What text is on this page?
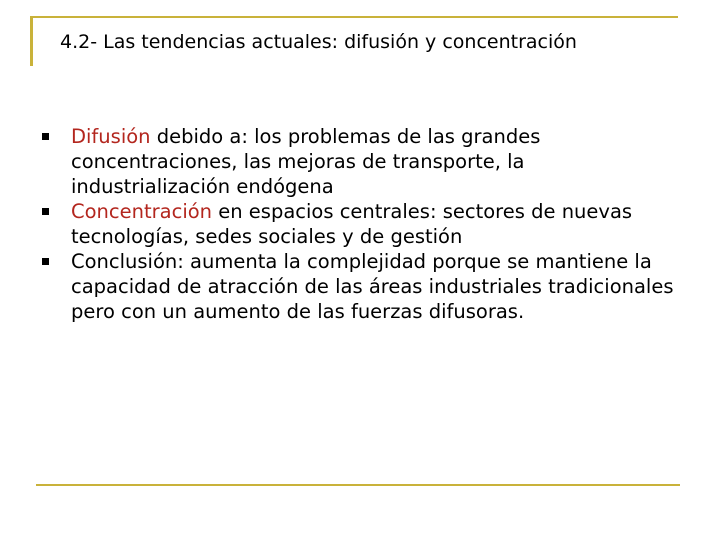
4.2- Las tendencias actuales: difusión y concentración
Difusión debido a: los problemas de las grandes concentraciones, las mejoras de transporte, la industrialización endógena
Concentración en espacios centrales: sectores de nuevas tecnologías, sedes sociales y de gestión
Conclusión: aumenta la complejidad porque se mantiene la capacidad de atracción de las áreas industriales tradicionales pero con un aumento de las fuerzas difusoras.
